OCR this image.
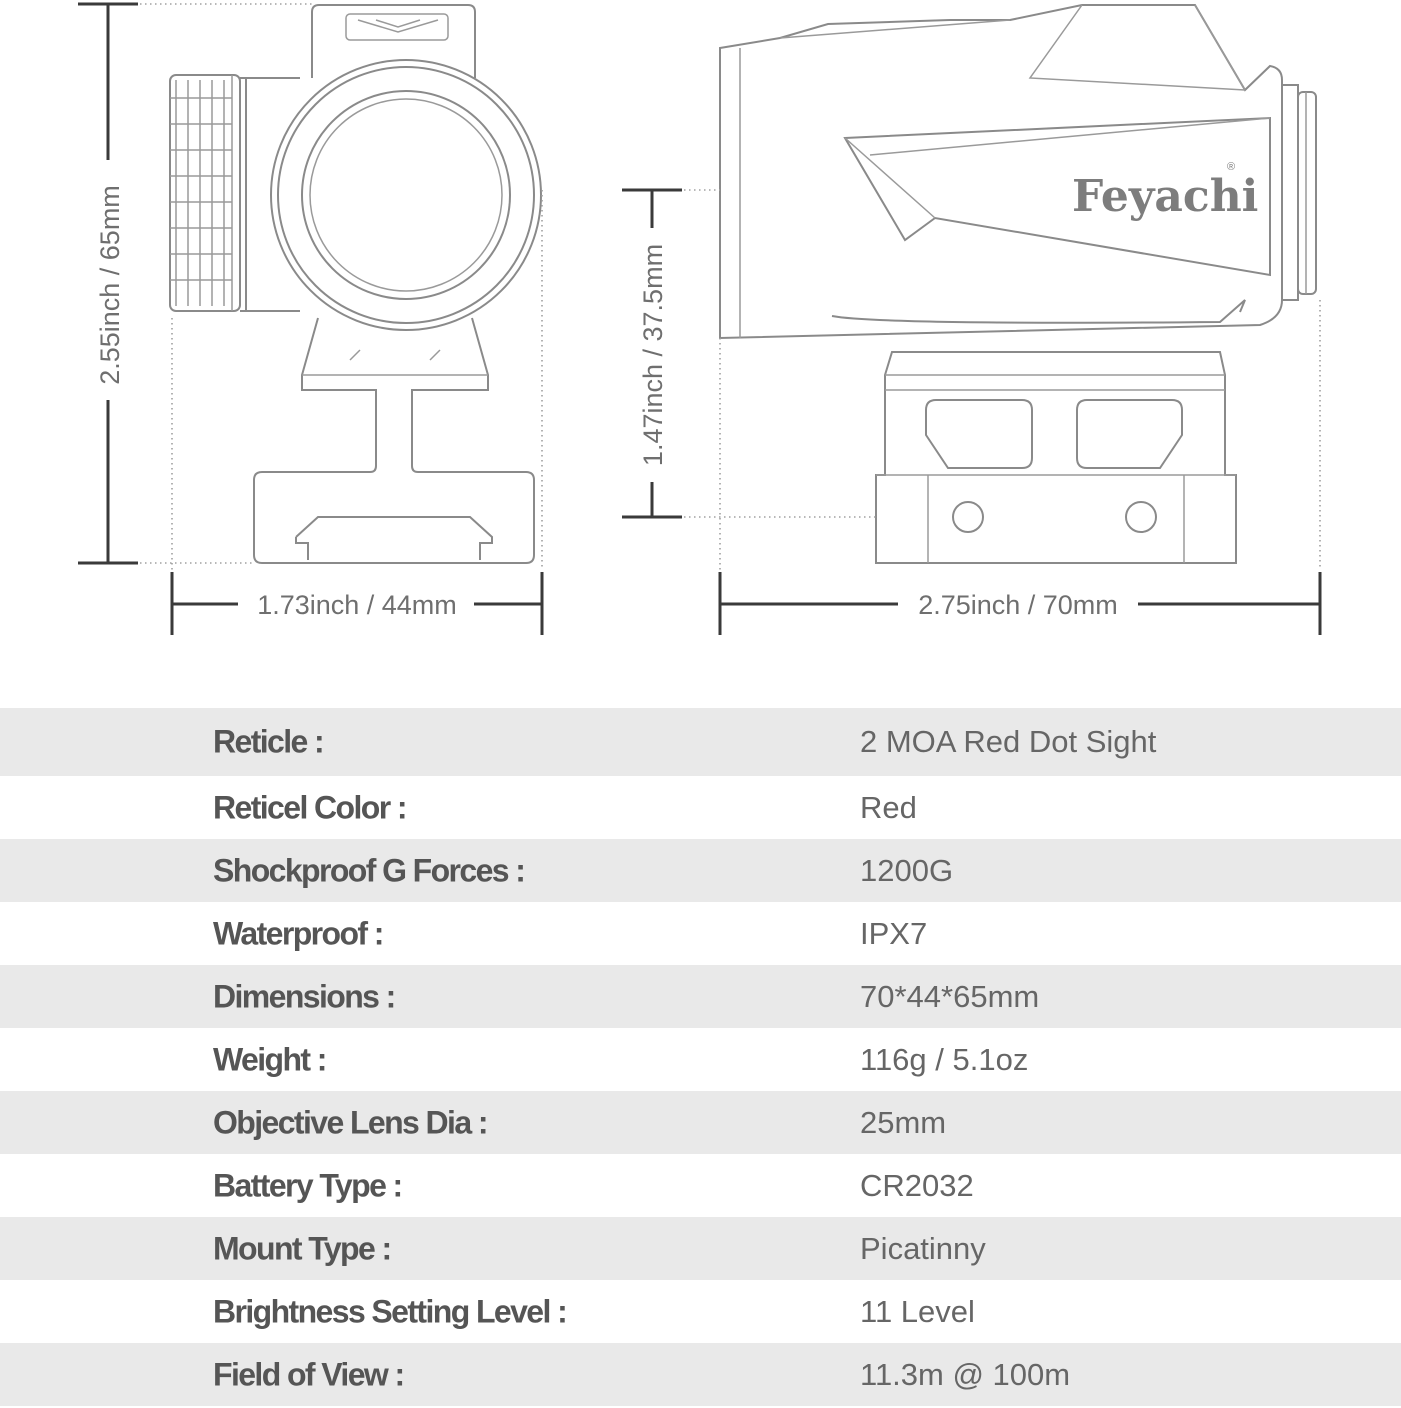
Feyachi
®
2.55inch / 65mm
1.73inch / 44mm
1.47inch / 37.5mm
2.75inch / 70mm
Reticle :	2 MOA Red Dot Sight
Reticel Color :	Red
Shockproof G Forces :	1200G
Waterproof :	IPX7
Dimensions :	70*44*65mm
Weight :	116g / 5.1oz
Objective Lens Dia :	25mm
Battery Type :	CR2032
Mount Type :	Picatinny
Brightness Setting Level :	11 Level
Field of View :	11.3m @ 100m
